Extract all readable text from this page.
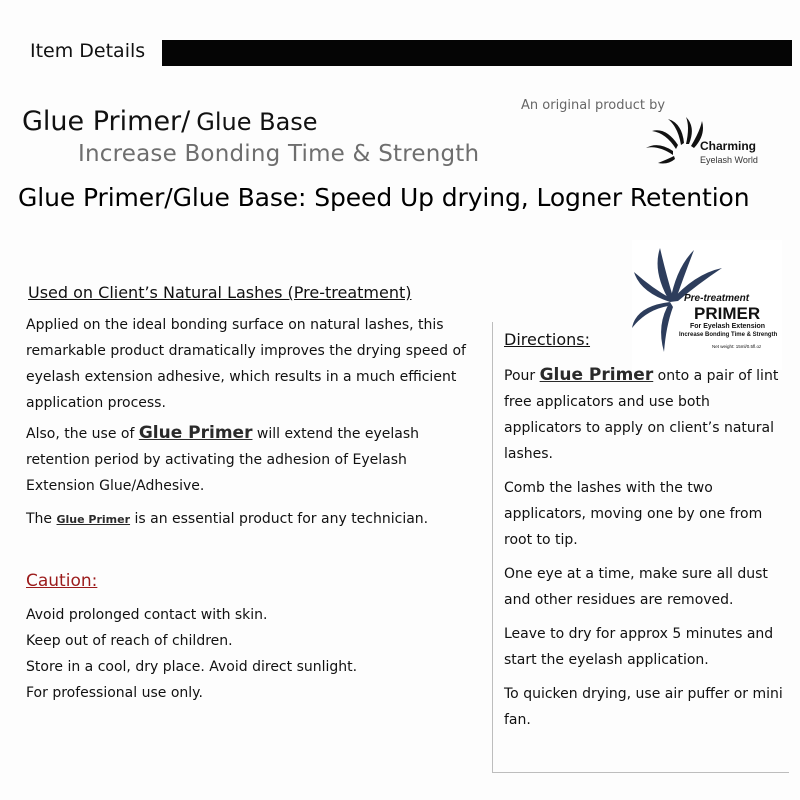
Item Details
Glue Primer/ Glue Base
Increase Bonding Time & Strength
An original product by
Charming
Eyelash World
Glue Primer/Glue Base: Speed Up drying, Logner Retention
Pre-treatment
PRIMER
For Eyelash Extension
Increase Bonding Time & Strength
Net weight: 15ml/0.5fl.oz
Used on Client’s Natural Lashes (Pre-treatment)
Applied on the ideal bonding surface on natural lashes, this remarkable product dramatically improves the drying speed of eyelash extension adhesive, which results in a much efficient application process.
Also, the use of Glue Primer will extend the eyelash retention period by activating the adhesion of Eyelash Extension Glue/Adhesive.
The Glue Primer is an essential product for any technician.
Caution:
Avoid prolonged contact with skin.
Keep out of reach of children.
Store in a cool, dry place. Avoid direct sunlight.
For professional use only.
Directions:
Pour Glue Primer onto a pair of lint free applicators and use both applicators to apply on client’s natural lashes.
Comb the lashes with the two applicators, moving one by one from root to tip.
One eye at a time, make sure all dust and other residues are removed.
Leave to dry for approx 5 minutes and start the eyelash application.
To quicken drying, use air puffer or mini fan.
